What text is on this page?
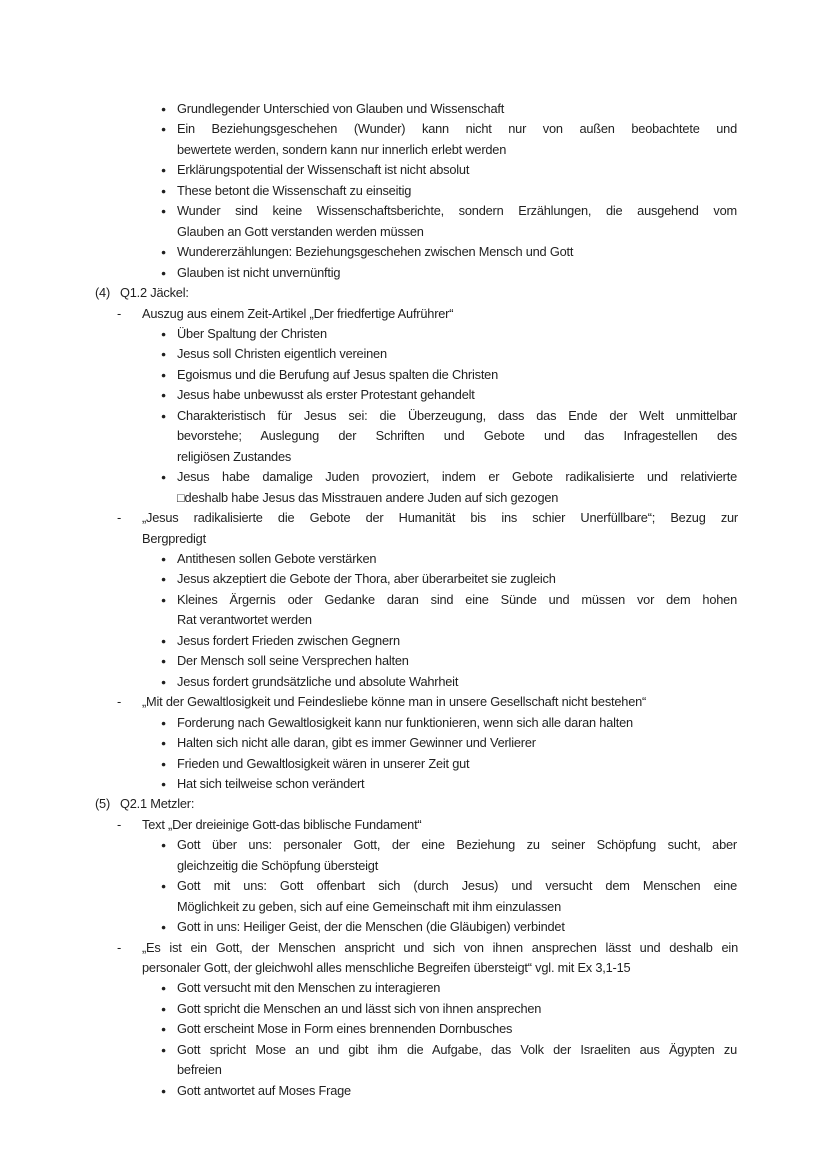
● Grundlegender Unterschied von Glauben und Wissenschaft
● Ein Beziehungsgeschehen (Wunder) kann nicht nur von außen beobachtete und
bewertete werden, sondern kann nur innerlich erlebt werden
● Erklärungspotential der Wissenschaft ist nicht absolut
● These betont die Wissenschaft zu einseitig
● Wunder sind keine Wissenschaftsberichte, sondern Erzählungen, die ausgehend vom
Glauben an Gott verstanden werden müssen
● Wundererzählungen: Beziehungsgeschehen zwischen Mensch und Gott
● Glauben ist nicht unvernünftig
(4) Q1.2 Jäckel:
-	Auszug aus einem Zeit-Artikel „Der friedfertige Aufrührer“
● Über Spaltung der Christen
● Jesus soll Christen eigentlich vereinen
● Egoismus und die Berufung auf Jesus spalten die Christen
● Jesus habe unbewusst als erster Protestant gehandelt
● Charakteristisch für Jesus sei: die Überzeugung, dass das Ende der Welt unmittelbar
bevorstehe; Auslegung der Schriften und Gebote und das Infragestellen des
religiösen Zustandes
● Jesus habe damalige Juden provoziert, indem er Gebote radikalisierte und relativierte
□deshalb habe Jesus das Misstrauen andere Juden auf sich gezogen
-	„Jesus radikalisierte die Gebote der Humanität bis ins schier Unerfüllbare“; Bezug zur
Bergpredigt
● Antithesen sollen Gebote verstärken
● Jesus akzeptiert die Gebote der Thora, aber überarbeitet sie zugleich
● Kleines Ärgernis oder Gedanke daran sind eine Sünde und müssen vor dem hohen
Rat verantwortet werden
● Jesus fordert Frieden zwischen Gegnern
● Der Mensch soll seine Versprechen halten
● Jesus fordert grundsätzliche und absolute Wahrheit
-	„Mit der Gewaltlosigkeit und Feindesliebe könne man in unsere Gesellschaft nicht bestehen“
● Forderung nach Gewaltlosigkeit kann nur funktionieren, wenn sich alle daran halten
● Halten sich nicht alle daran, gibt es immer Gewinner und Verlierer
● Frieden und Gewaltlosigkeit wären in unserer Zeit gut
● Hat sich teilweise schon verändert
(5) Q2.1 Metzler:
-	Text „Der dreieinige Gott-das biblische Fundament“
● Gott über uns: personaler Gott, der eine Beziehung zu seiner Schöpfung sucht, aber
gleichzeitig die Schöpfung übersteigt
● Gott mit uns: Gott offenbart sich (durch Jesus) und versucht dem Menschen eine
Möglichkeit zu geben, sich auf eine Gemeinschaft mit ihm einzulassen
● Gott in uns: Heiliger Geist, der die Menschen (die Gläubigen) verbindet
-	„Es ist ein Gott, der Menschen anspricht und sich von ihnen ansprechen lässt und deshalb ein
personaler Gott, der gleichwohl alles menschliche Begreifen übersteigt“ vgl. mit Ex 3,1-15
● Gott versucht mit den Menschen zu interagieren
● Gott spricht die Menschen an und lässt sich von ihnen ansprechen
● Gott erscheint Mose in Form eines brennenden Dornbusches
● Gott spricht Mose an und gibt ihm die Aufgabe, das Volk der Israeliten aus Ägypten zu
befreien
● Gott antwortet auf Moses Frage
